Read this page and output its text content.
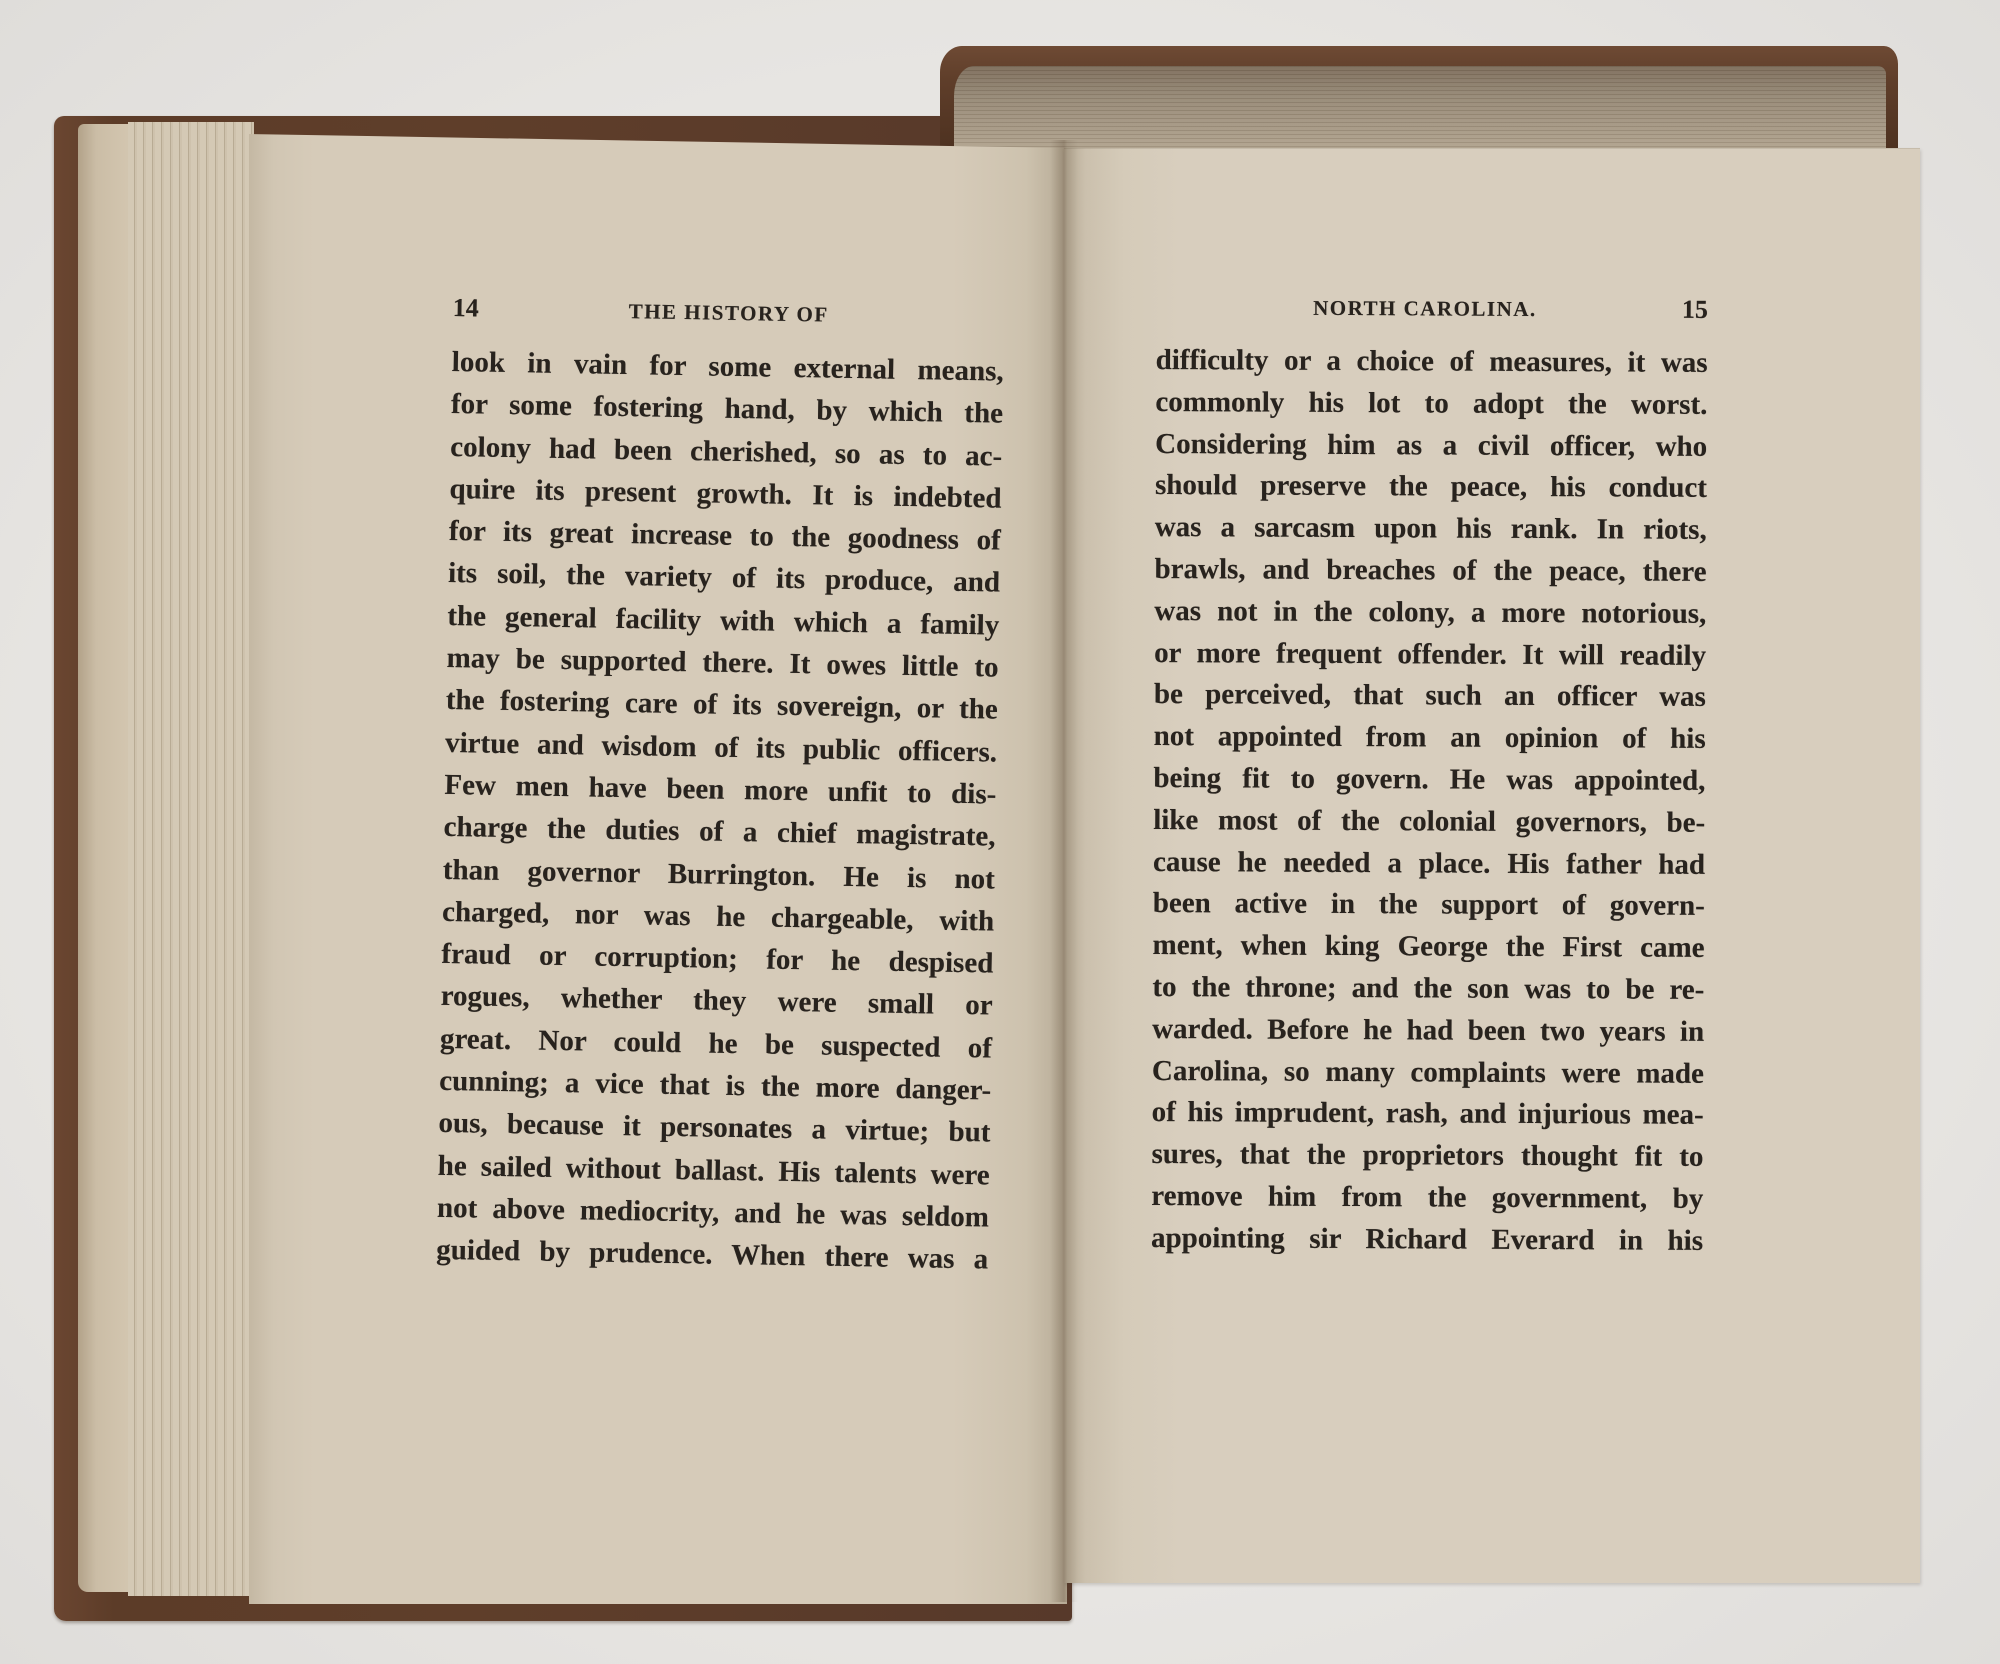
14	THE HISTORY OF
look in vain for some external means,
for some fostering hand, by which the
colony had been cherished, so as to ac-
quire its present growth. It is indebted
for its great increase to the goodness of
its soil, the variety of its produce, and
the general facility with which a family
may be supported there. It owes little to
the fostering care of its sovereign, or the
virtue and wisdom of its public officers.
Few men have been more unfit to dis-
charge the duties of a chief magistrate,
than governor Burrington. He is not
charged, nor was he chargeable, with
fraud or corruption; for he despised
rogues, whether they were small or
great. Nor could he be suspected of
cunning; a vice that is the more danger-
ous, because it personates a virtue; but
he sailed without ballast. His talents were
not above mediocrity, and he was seldom
guided by prudence. When there was a
NORTH CAROLINA.	15
difficulty or a choice of measures, it was
commonly his lot to adopt the worst.
Considering him as a civil officer, who
should preserve the peace, his conduct
was a sarcasm upon his rank. In riots,
brawls, and breaches of the peace, there
was not in the colony, a more notorious,
or more frequent offender. It will readily
be perceived, that such an officer was
not appointed from an opinion of his
being fit to govern. He was appointed,
like most of the colonial governors, be-
cause he needed a place. His father had
been active in the support of govern-
ment, when king George the First came
to the throne; and the son was to be re-
warded. Before he had been two years in
Carolina, so many complaints were made
of his imprudent, rash, and injurious mea-
sures, that the proprietors thought fit to
remove him from the government, by
appointing sir Richard Everard in his
